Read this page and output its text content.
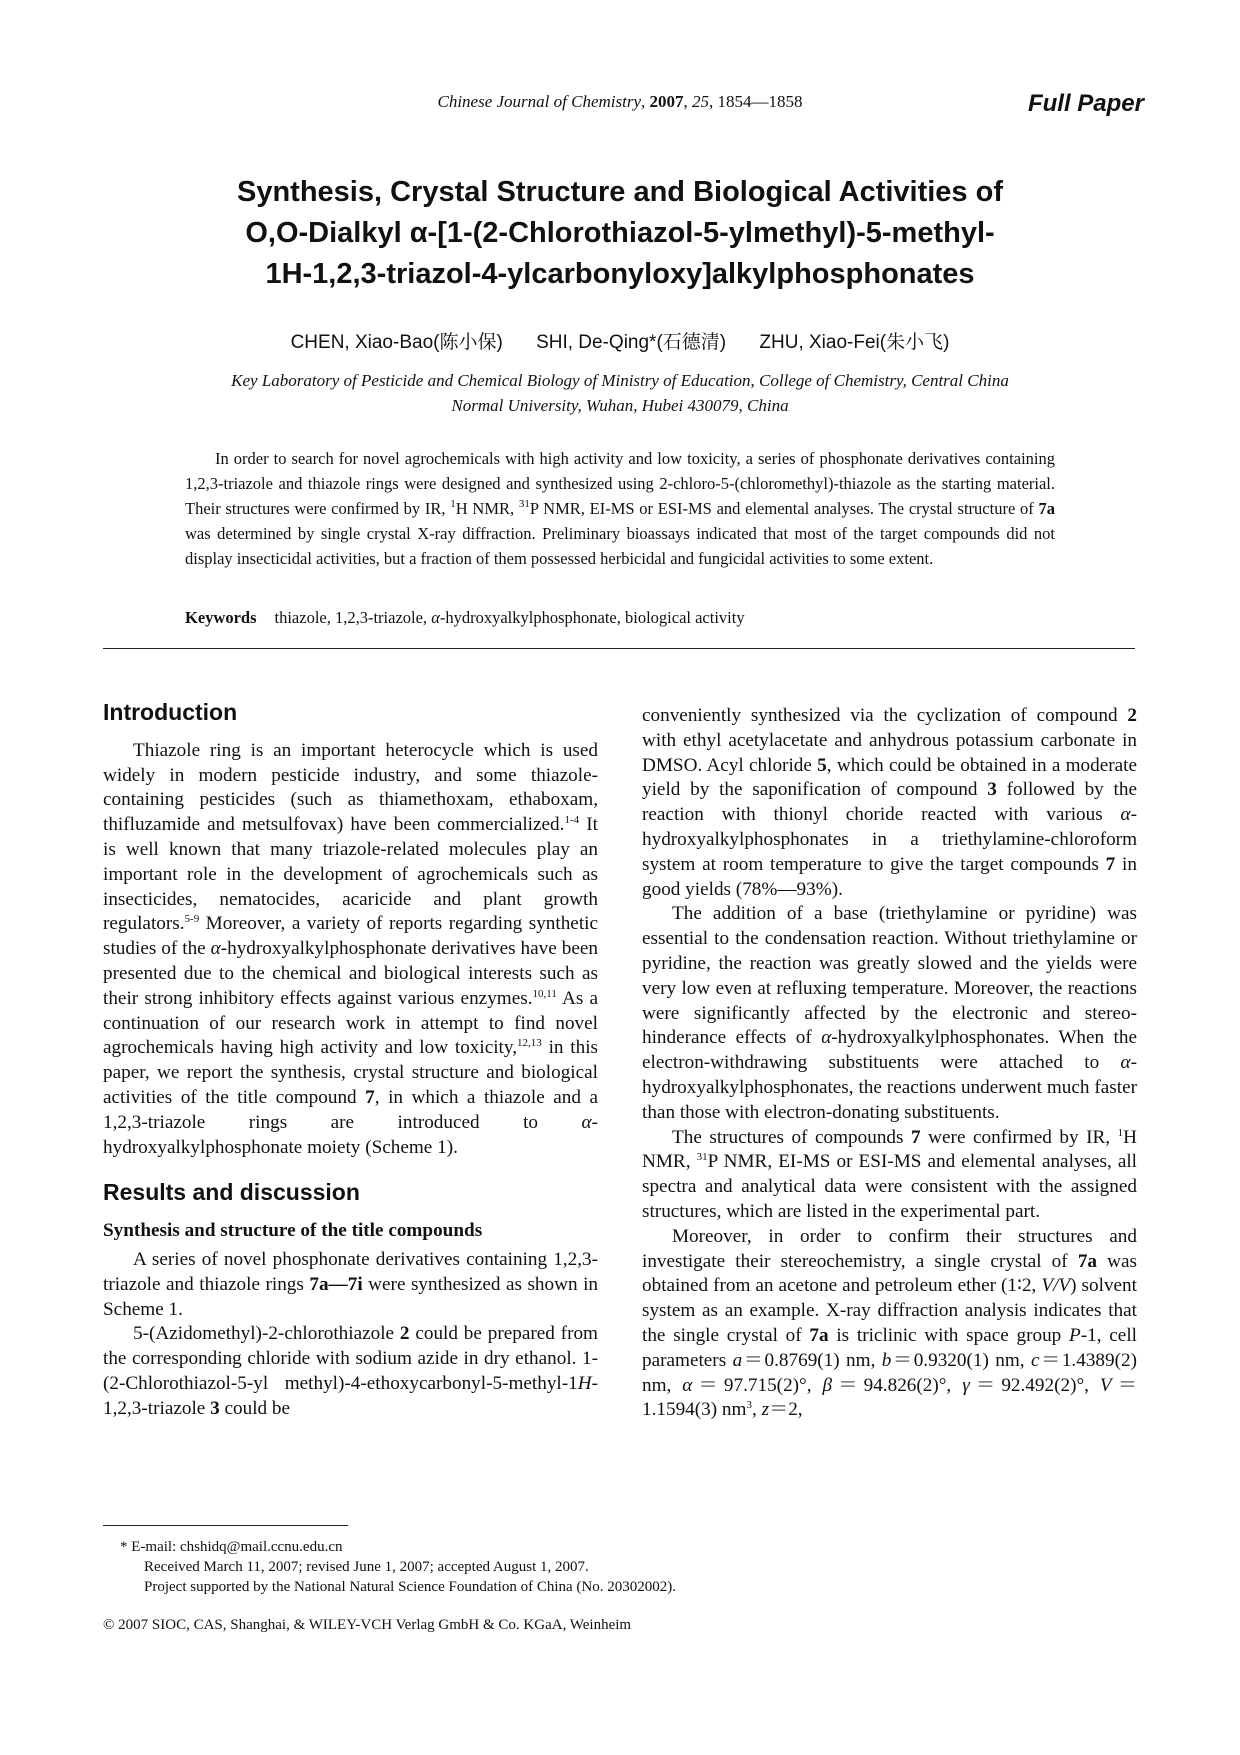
Chinese Journal of Chemistry, 2007, 25, 1854—1858	Full Paper
Synthesis, Crystal Structure and Biological Activities of
O,O-Dialkyl α-[1-(2-Chlorothiazol-5-ylmethyl)-5-methyl-
1H-1,2,3-triazol-4-ylcarbonyloxy]alkylphosphonates
CHEN, Xiao-Bao(陈小保) SHI, De-Qing*(石德清) ZHU, Xiao-Fei(朱小飞)
Key Laboratory of Pesticide and Chemical Biology of Ministry of Education, College of Chemistry, Central China
Normal University, Wuhan, Hubei 430079, China
In order to search for novel agrochemicals with high activity and low toxicity, a series of phosphonate derivatives containing 1,2,3-triazole and thiazole rings were designed and synthesized using 2-chloro-5-(chloromethyl)-thiazole as the starting material. Their structures were confirmed by IR, $^1$H NMR, $^{31}$P NMR, EI-MS or ESI-MS and elemental analyses. The crystal structure of 7a was determined by single crystal X-ray diffraction. Preliminary bioassays indicated that most of the target compounds did not display insecticidal activities, but a fraction of them possessed herbicidal and fungicidal activities to some extent.
Keywords thiazole, 1,2,3-triazole, α-hydroxyalkylphosphonate, biological activity
Introduction

Thiazole ring is an important heterocycle which is used widely in modern pesticide industry, and some thiazole-containing pesticides (such as thiamethoxam, ethaboxam, thifluzamide and metsulfovax) have been commercialized.$^{1-4}$ It is well known that many triazole-related molecules play an important role in the development of agrochemicals such as insecticides, nematocides, acaricide and plant growth regulators.$^{5-9}$ Moreover, a variety of reports regarding synthetic studies of the α-hydroxyalkylphosphonate derivatives have been presented due to the chemical and biological interests such as their strong inhibitory effects against various enzymes.$^{10,11}$ As a continuation of our research work in attempt to find novel agrochemicals having high activity and low toxicity,$^{12,13}$ in this paper, we report the synthesis, crystal structure and biological activities of the title compound 7, in which a thiazole and a 1,2,3-triazole rings are introduced to α-hydroxyalkylphosphonate moiety (Scheme 1).

Results and discussion
Synthesis and structure of the title compounds

A series of novel phosphonate derivatives containing 1,2,3-triazole and thiazole rings 7a—7i were synthesized as shown in Scheme 1.

5-(Azidomethyl)-2-chlorothiazole 2 could be prepared from the corresponding chloride with sodium azide in dry ethanol. 1-(2-Chlorothiazol-5-yl methyl)-4-ethoxycarbonyl-5-methyl-1H-1,2,3-triazole 3 could be

conveniently synthesized via the cyclization of compound 2 with ethyl acetylacetate and anhydrous potassium carbonate in DMSO. Acyl chloride 5, which could be obtained in a moderate yield by the saponification of compound 3 followed by the reaction with thionyl choride reacted with various α-hydroxyalkylphosphonates in a triethylamine-chloroform system at room temperature to give the target compounds 7 in good yields (78%—93%).

The addition of a base (triethylamine or pyridine) was essential to the condensation reaction. Without triethylamine or pyridine, the reaction was greatly slowed and the yields were very low even at refluxing temperature. Moreover, the reactions were significantly affected by the electronic and stereo-hinderance effects of α-hydroxyalkylphosphonates. When the electron-withdrawing substituents were attached to α-hydroxyalkylphosphonates, the reactions underwent much faster than those with electron-donating substituents.

The structures of compounds 7 were confirmed by IR, $^1$H NMR, $^{31}$P NMR, EI-MS or ESI-MS and elemental analyses, all spectra and analytical data were consistent with the assigned structures, which are listed in the experimental part.

Moreover, in order to confirm their structures and investigate their stereochemistry, a single crystal of 7a was obtained from an acetone and petroleum ether (1∶2, V/V) solvent system as an example. X-ray diffraction analysis indicates that the single crystal of 7a is triclinic with space group P-1, cell parameters a＝0.8769(1) nm, b＝0.9320(1) nm, c＝1.4389(2) nm, α＝97.715(2)°, β＝94.826(2)°, γ＝92.492(2)°, V＝1.1594(3) $nm^3$, z＝2,

* E-mail: chshidq@mail.ccnu.edu.cn
Received March 11, 2007; revised June 1, 2007; accepted August 1, 2007.
Project supported by the National Natural Science Foundation of China (No. 20302002).
© 2007 SIOC, CAS, Shanghai, & WILEY-VCH Verlag GmbH & Co. KGaA, Weinheim
